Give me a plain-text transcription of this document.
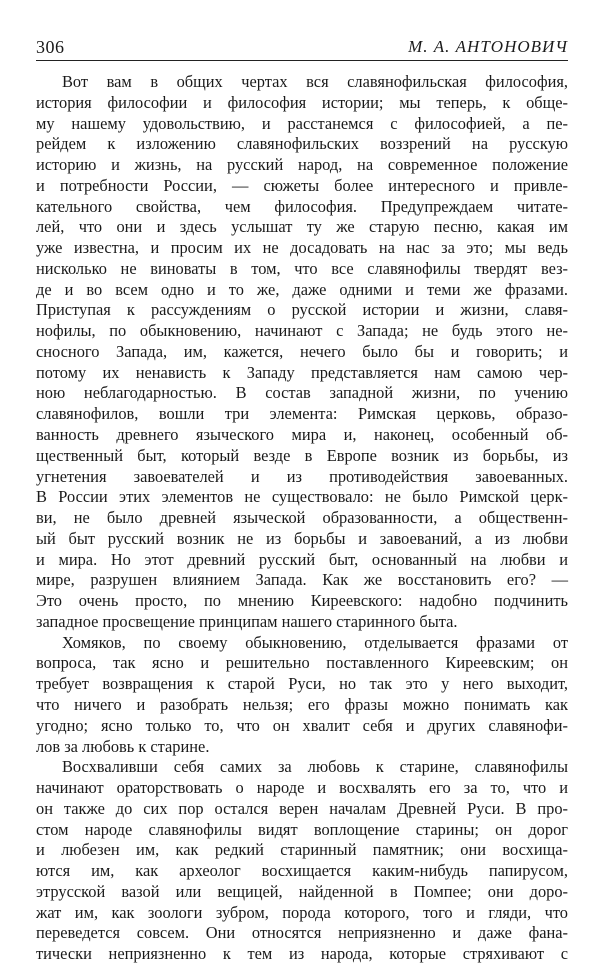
306	М. А. АНТОНОВИЧ

Вот вам в общих чертах вся славянофильская философия,
история философии и философия истории; мы теперь, к обще-
му нашему удовольствию, и расстанемся с философией, а пе-
рейдем к изложению славянофильских воззрений на русскую
историю и жизнь, на русский народ, на современное положение
и потребности России, — сюжеты более интересного и привле-
кательного свойства, чем философия. Предупреждаем читате-
лей, что они и здесь услышат ту же старую песню, какая им
уже известна, и просим их не досадовать на нас за это; мы ведь
нисколько не виноваты в том, что все славянофилы твердят вез-
де и во всем одно и то же, даже одними и теми же фразами.
Приступая к рассуждениям о русской истории и жизни, славя-
нофилы, по обыкновению, начинают с Запада; не будь этого не-
сносного Запада, им, кажется, нечего было бы и говорить; и
потому их ненависть к Западу представляется нам самою чер-
ною неблагодарностью. В состав западной жизни, по учению
славянофилов, вошли три элемента: Римская церковь, образо-
ванность древнего языческого мира и, наконец, особенный об-
щественный быт, который везде в Европе возник из борьбы, из
угнетения завоевателей и из противодействия завоеванных.
В России этих элементов не существовало: не было Римской церк-
ви, не было древней языческой образованности, а общественн-
ый быт русский возник не из борьбы и завоеваний, а из любви
и мира. Но этот древний русский быт, основанный на любви и
мире, разрушен влиянием Запада. Как же восстановить его? —
Это очень просто, по мнению Киреевского: надобно подчинить
западное просвещение принципам нашего старинного быта.

Хомяков, по своему обыкновению, отделывается фразами от
вопроса, так ясно и решительно поставленного Киреевским; он
требует возвращения к старой Руси, но так это у него выходит,
что ничего и разобрать нельзя; его фразы можно понимать как
угодно; ясно только то, что он хвалит себя и других славянофи-
лов за любовь к старине.

Восхваливши себя самих за любовь к старине, славянофилы
начинают ораторствовать о народе и восхвалять его за то, что и
он также до сих пор остался верен началам Древней Руси. В про-
стом народе славянофилы видят воплощение старины; он дорог
и любезен им, как редкий старинный памятник; они восхища-
ются им, как археолог восхищается каким-нибудь папирусом,
этрусской вазой или вещицей, найденной в Помпее; они доро-
жат им, как зоологи зубром, порода которого, того и гляди, что
переведется совсем. Они относятся неприязненно и даже фана-
тически неприязненно к тем из народа, которые стряхивают с
